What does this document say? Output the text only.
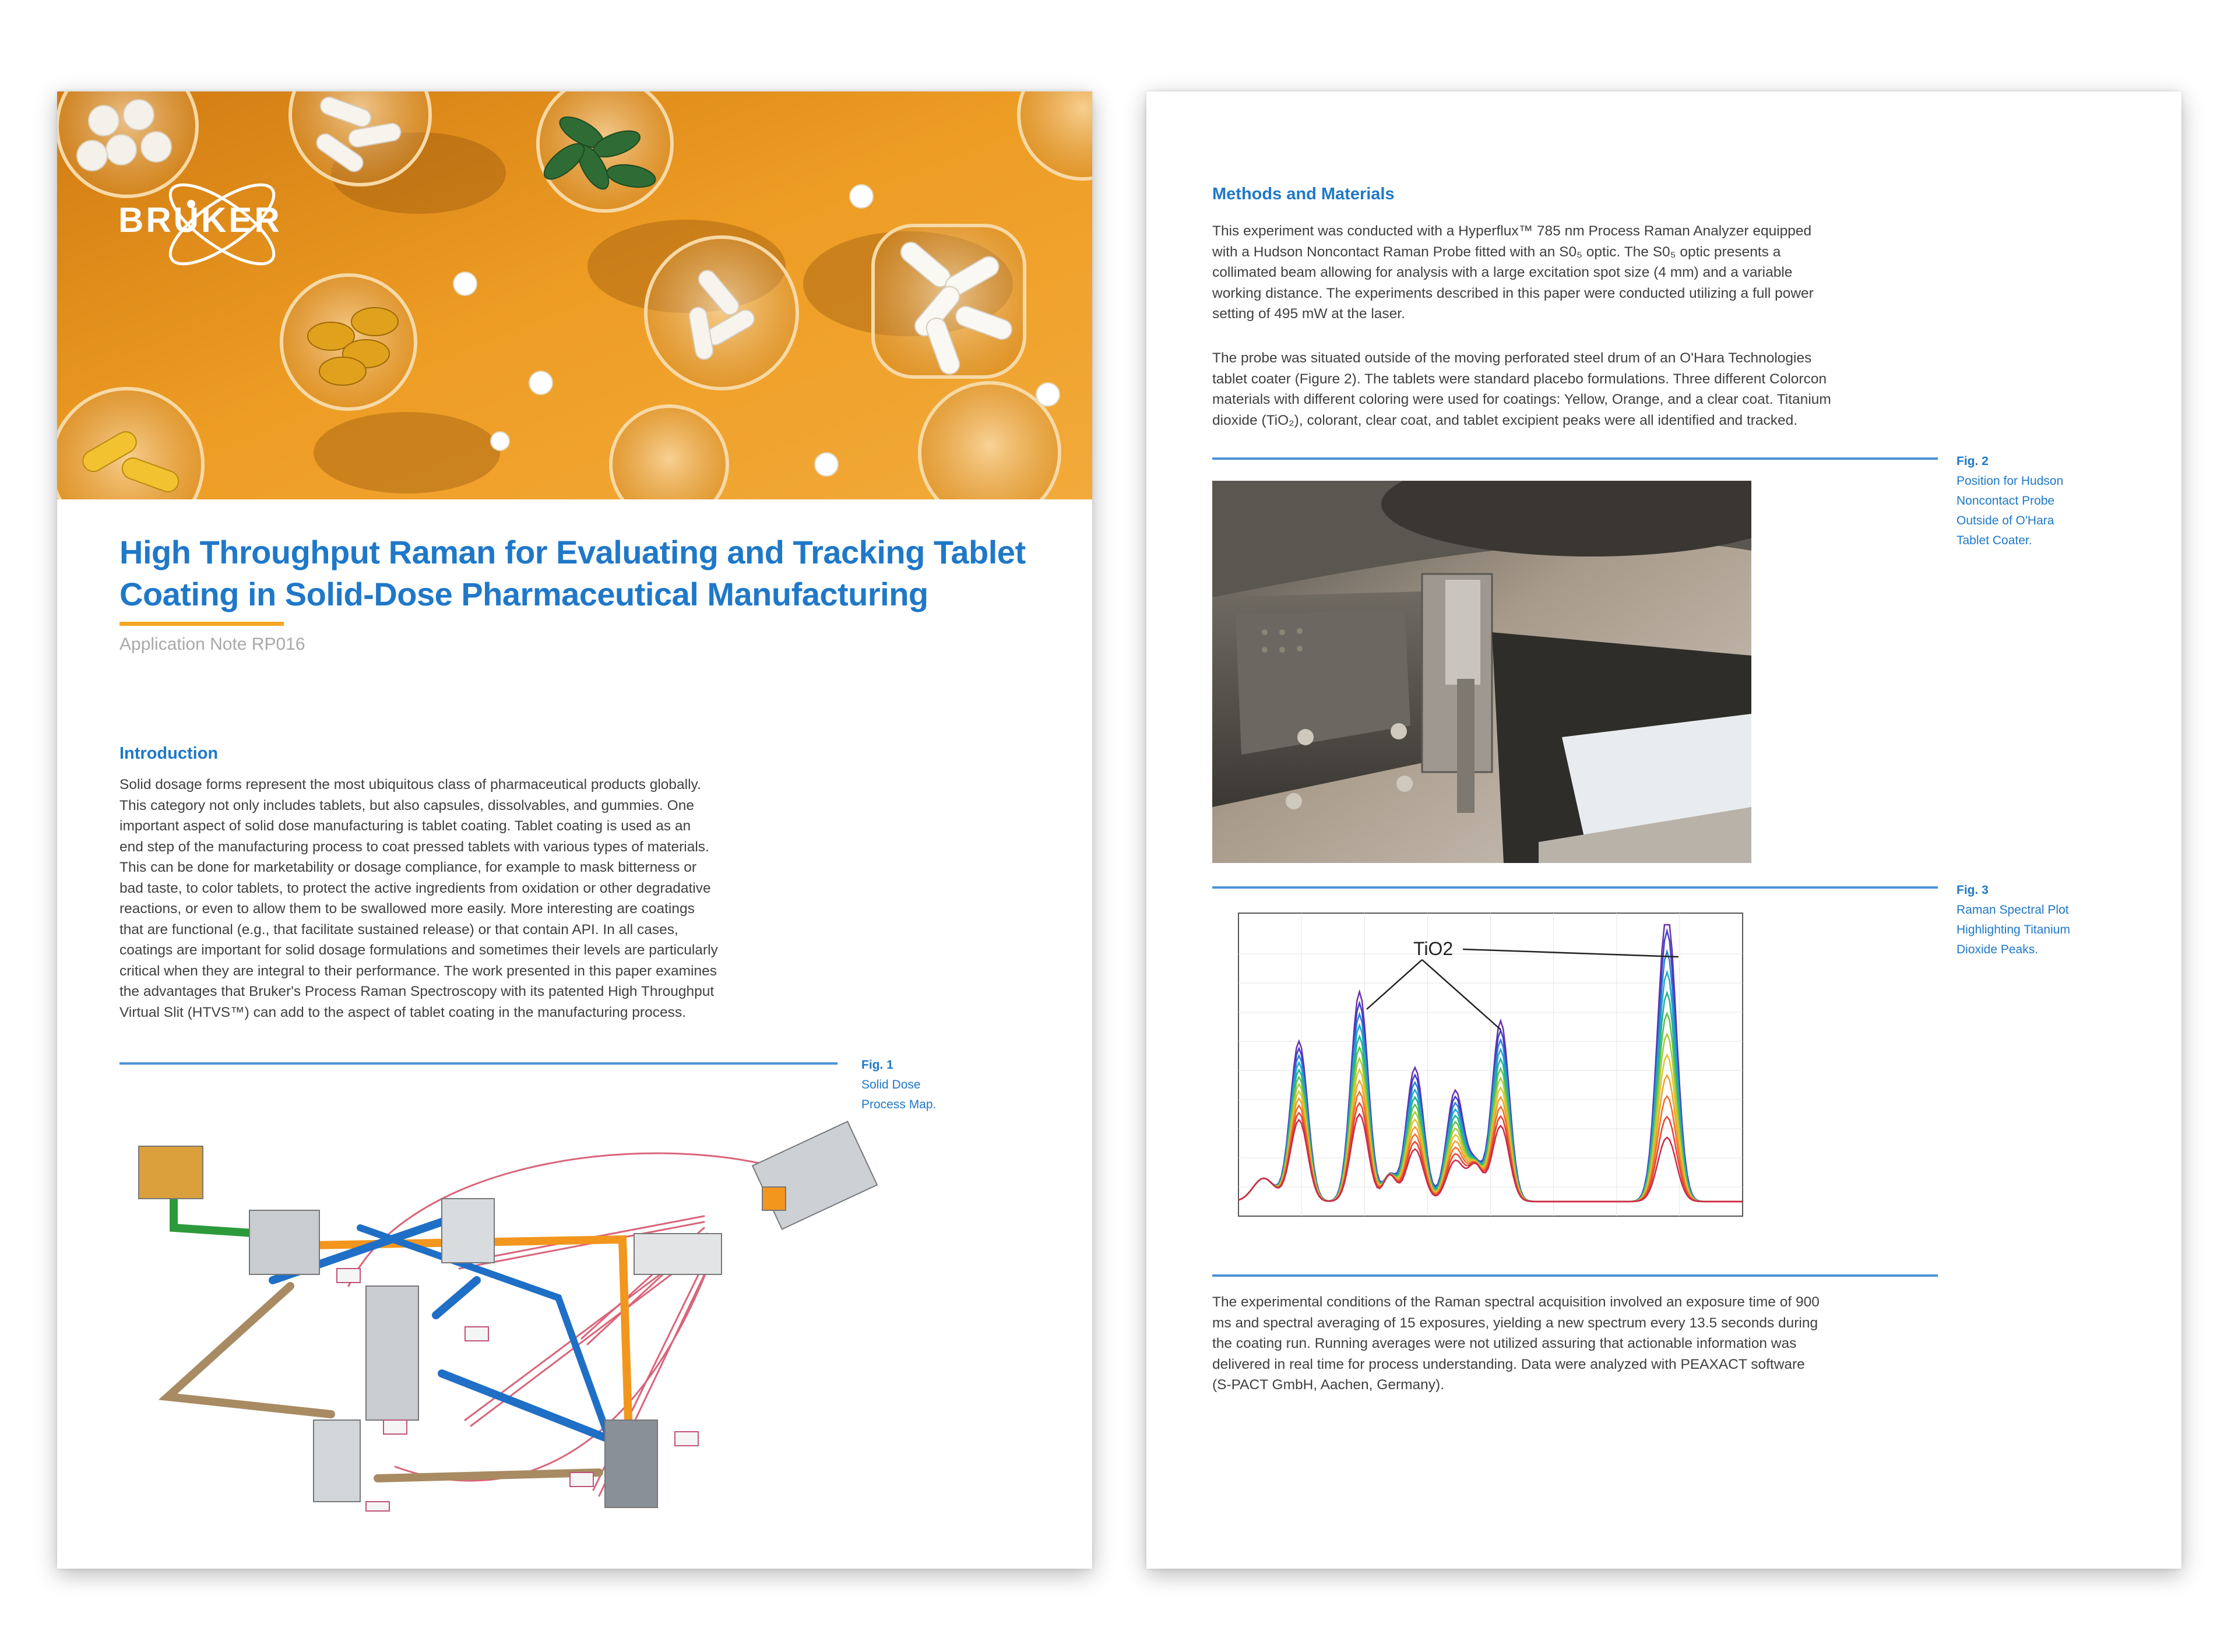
BRUKER
High Throughput Raman for Evaluating and Tracking Tablet
Coating in Solid-Dose Pharmaceutical Manufacturing
Application Note RP016
Introduction
Solid dosage forms represent the most ubiquitous class of pharmaceutical products globally.
This category not only includes tablets, but also capsules, dissolvables, and gummies. One
important aspect of solid dose manufacturing is tablet coating. Tablet coating is used as an
end step of the manufacturing process to coat pressed tablets with various types of materials.
This can be done for marketability or dosage compliance, for example to mask bitterness or
bad taste, to color tablets, to protect the active ingredients from oxidation or other degradative
reactions, or even to allow them to be swallowed more easily. More interesting are coatings
that are functional (e.g., that facilitate sustained release) or that contain API. In all cases,
coatings are important for solid dosage formulations and sometimes their levels are particularly
critical when they are integral to their performance. The work presented in this paper examines
the advantages that Bruker's Process Raman Spectroscopy with its patented High Throughput
Virtual Slit (HTVS™) can add to the aspect of tablet coating in the manufacturing process.
Fig. 1
Solid Dose
Process Map.
Methods and Materials
This experiment was conducted with a Hyperflux™ 785 nm Process Raman Analyzer equipped
with a Hudson Noncontact Raman Probe fitted with an S0₅ optic. The S0₅ optic presents a
collimated beam allowing for analysis with a large excitation spot size (4 mm) and a variable
working distance. The experiments described in this paper were conducted utilizing a full power
setting of 495 mW at the laser.
The probe was situated outside of the moving perforated steel drum of an O'Hara Technologies
tablet coater (Figure 2). The tablets were standard placebo formulations. Three different Colorcon
materials with different coloring were used for coatings: Yellow, Orange, and a clear coat. Titanium
dioxide (TiO₂), colorant, clear coat, and tablet excipient peaks were all identified and tracked.
Fig. 2
Position for Hudson
Noncontact Probe
Outside of O'Hara
Tablet Coater.

Fig. 3
Raman Spectral Plot
Highlighting Titanium
Dioxide Peaks.

TiO2
The experimental conditions of the Raman spectral acquisition involved an exposure time of 900
ms and spectral averaging of 15 exposures, yielding a new spectrum every 13.5 seconds during
the coating run. Running averages were not utilized assuring that actionable information was
delivered in real time for process understanding. Data were analyzed with PEAXACT software
(S-PACT GmbH, Aachen, Germany).
